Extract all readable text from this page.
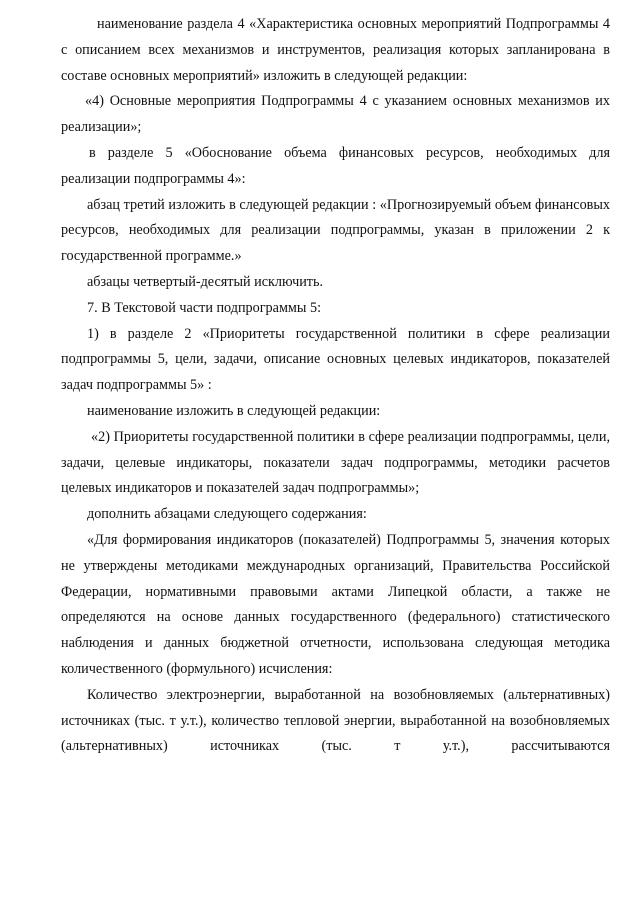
наименование раздела 4 «Характеристика основных мероприятий Подпрограммы 4 с описанием всех механизмов и инструментов, реализация которых запланирована в составе основных мероприятий» изложить в следующей редакции:

«4) Основные мероприятия Подпрограммы 4 с указанием основных механизмов их реализации»;

в разделе 5 «Обоснование объема финансовых ресурсов, необходимых для реализации подпрограммы 4»:

абзац третий изложить в следующей редакции : «Прогнозируемый объем финансовых ресурсов, необходимых для реализации подпрограммы, указан в приложении 2 к государственной программе.»

абзацы четвертый-десятый исключить.

7. В Текстовой части подпрограммы 5:

1) в разделе 2 «Приоритеты государственной политики в сфере реализации подпрограммы 5, цели, задачи, описание основных целевых индикаторов, показателей задач подпрограммы 5» :

наименование изложить в следующей редакции:

«2) Приоритеты государственной политики в сфере реализации подпрограммы, цели, задачи, целевые индикаторы, показатели задач подпрограммы, методики расчетов целевых индикаторов и показателей задач подпрограммы»;

дополнить абзацами следующего содержания:

«Для формирования индикаторов (показателей) Подпрограммы 5, значения которых не утверждены методиками международных организаций, Правительства Российской Федерации, нормативными правовыми актами Липецкой области, а также не определяются на основе данных государственного (федерального) статистического наблюдения и данных бюджетной отчетности, использована следующая методика количественного (формульного) исчисления:

Количество электроэнергии, выработанной на возобновляемых (альтернативных) источниках (тыс. т у.т.), количество тепловой энергии, выработанной на возобновляемых (альтернативных) источниках (тыс. т у.т.), рассчитываются
